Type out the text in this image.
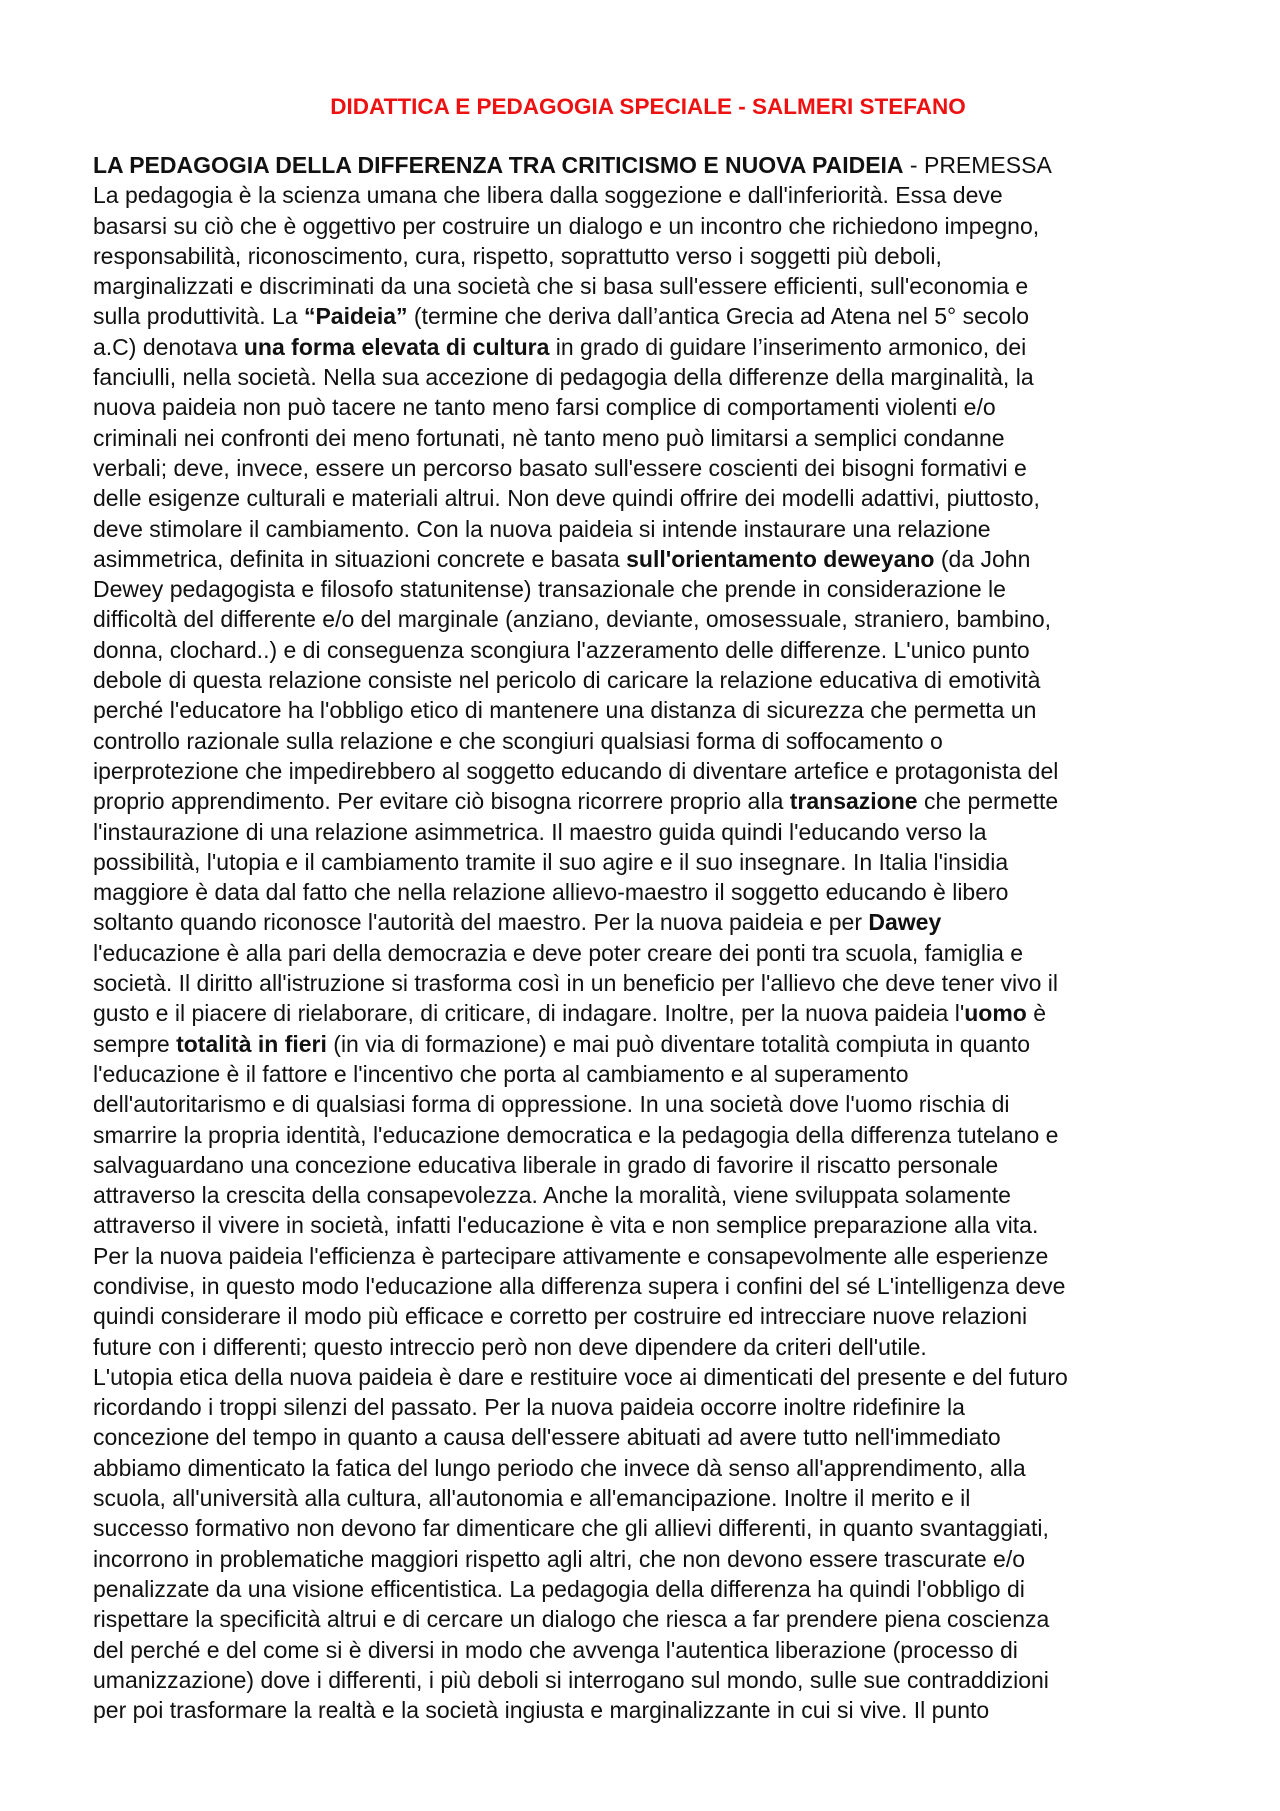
DIDATTICA E PEDAGOGIA SPECIALE - SALMERI STEFANO

LA PEDAGOGIA DELLA DIFFERENZA TRA CRITICISMO E NUOVA PAIDEIA - PREMESSA

La pedagogia è la scienza umana che libera dalla soggezione e dall'inferiorità. Essa deve
basarsi su ciò che è oggettivo per costruire un dialogo e un incontro che richiedono impegno,
responsabilità, riconoscimento, cura, rispetto, soprattutto verso i soggetti più deboli,
marginalizzati e discriminati da una società che si basa sull'essere efficienti, sull'economia e
sulla produttività. La “Paideia” (termine che deriva dall’antica Grecia ad Atena nel 5° secolo
a.C) denotava una forma elevata di cultura in grado di guidare l’inserimento armonico, dei
fanciulli, nella società. Nella sua accezione di pedagogia della differenze della marginalità, la
nuova paideia non può tacere ne tanto meno farsi complice di comportamenti violenti e/o
criminali nei confronti dei meno fortunati, nè tanto meno può limitarsi a semplici condanne
verbali; deve, invece, essere un percorso basato sull'essere coscienti dei bisogni formativi e
delle esigenze culturali e materiali altrui. Non deve quindi offrire dei modelli adattivi, piuttosto,
deve stimolare il cambiamento. Con la nuova paideia si intende instaurare una relazione
asimmetrica, definita in situazioni concrete e basata sull'orientamento deweyano (da John
Dewey pedagogista e filosofo statunitense) transazionale che prende in considerazione le
difficoltà del differente e/o del marginale (anziano, deviante, omosessuale, straniero, bambino,
donna, clochard..) e di conseguenza scongiura l'azzeramento delle differenze. L'unico punto
debole di questa relazione consiste nel pericolo di caricare la relazione educativa di emotività
perché l'educatore ha l'obbligo etico di mantenere una distanza di sicurezza che permetta un
controllo razionale sulla relazione e che scongiuri qualsiasi forma di soffocamento o
iperprotezione che impedirebbero al soggetto educando di diventare artefice e protagonista del
proprio apprendimento. Per evitare ciò bisogna ricorrere proprio alla transazione che permette
l'instaurazione di una relazione asimmetrica. Il maestro guida quindi l'educando verso la
possibilità, l'utopia e il cambiamento tramite il suo agire e il suo insegnare. In Italia l'insidia
maggiore è data dal fatto che nella relazione allievo-maestro il soggetto educando è libero
soltanto quando riconosce l'autorità del maestro. Per la nuova paideia e per Dawey
l'educazione è alla pari della democrazia e deve poter creare dei ponti tra scuola, famiglia e
società. Il diritto all'istruzione si trasforma così in un beneficio per l'allievo che deve tener vivo il
gusto e il piacere di rielaborare, di criticare, di indagare. Inoltre, per la nuova paideia l'uomo è
sempre totalità in fieri (in via di formazione) e mai può diventare totalità compiuta in quanto
l'educazione è il fattore e l'incentivo che porta al cambiamento e al superamento
dell'autoritarismo e di qualsiasi forma di oppressione. In una società dove l'uomo rischia di
smarrire la propria identità, l'educazione democratica e la pedagogia della differenza tutelano e
salvaguardano una concezione educativa liberale in grado di favorire il riscatto personale
attraverso la crescita della consapevolezza. Anche la moralità, viene sviluppata solamente
attraverso il vivere in società, infatti l'educazione è vita e non semplice preparazione alla vita.
Per la nuova paideia l'efficienza è partecipare attivamente e consapevolmente alle esperienze
condivise, in questo modo l'educazione alla differenza supera i confini del sé L'intelligenza deve
quindi considerare il modo più efficace e corretto per costruire ed intrecciare nuove relazioni
future con i differenti; questo intreccio però non deve dipendere da criteri dell'utile.
L'utopia etica della nuova paideia è dare e restituire voce ai dimenticati del presente e del futuro
ricordando i troppi silenzi del passato. Per la nuova paideia occorre inoltre ridefinire la
concezione del tempo in quanto a causa dell'essere abituati ad avere tutto nell'immediato
abbiamo dimenticato la fatica del lungo periodo che invece dà senso all'apprendimento, alla
scuola, all'università alla cultura, all'autonomia e all'emancipazione. Inoltre il merito e il
successo formativo non devono far dimenticare che gli allievi differenti, in quanto svantaggiati,
incorrono in problematiche maggiori rispetto agli altri, che non devono essere trascurate e/o
penalizzate da una visione efficentistica. La pedagogia della differenza ha quindi l'obbligo di
rispettare la specificità altrui e di cercare un dialogo che riesca a far prendere piena coscienza
del perché e del come si è diversi in modo che avvenga l'autentica liberazione (processo di
umanizzazione) dove i differenti, i più deboli si interrogano sul mondo, sulle sue contraddizioni
per poi trasformare la realtà e la società ingiusta e marginalizzante in cui si vive. Il punto
